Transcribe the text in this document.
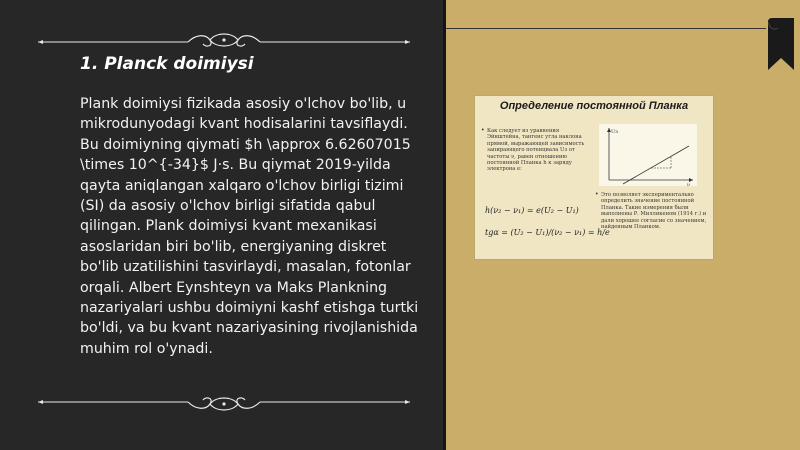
1. Planck doimiysi

Plank doimiysi fizikada asosiy o'lchov bo'lib, u mikrodunyodagi kvant hodisalarini tavsiflaydi. Bu doimiyning qiymati $h \approx 6.62607015 \times 10^{-34}$ J·s. Bu qiymat 2019-yilda qayta aniqlangan xalqaro o'lchov birligi tizimi (SI) da asosiy o'lchov birligi sifatida qabul qilingan. Plank doimiysi kvant mexanikasi asoslaridan biri bo'lib, energiyaning diskret bo'lib uzatilishini tasvirlaydi, masalan, fotonlar orqali. Albert Eynshteyn va Maks Plankning nazariyalari ushbu doimiyni kashf etishga turtki bo'ldi, va bu kvant nazariyasining rivojlanishida muhim rol o'ynadi.

Определение постоянной Планка
• Как следует из уравнения Эйнштейна, тангенс угла наклона прямой, выражающей зависимость запирающего потенциала Uз от частоты ν, равен отношению постоянной Планка h к заряду электрона e:
h(ν₂ − ν₁) = e(U₂ − U₁)
tgα = (U₂ − U₁)/(ν₂ − ν₁) = h/e
Uз
ν
• Это позволяет экспериментально определить значение постоянной Планка. Такие измерения были выполнены Р. Милликеном (1914 г.) и дали хорошее согласие со значением, найденным Планком.
